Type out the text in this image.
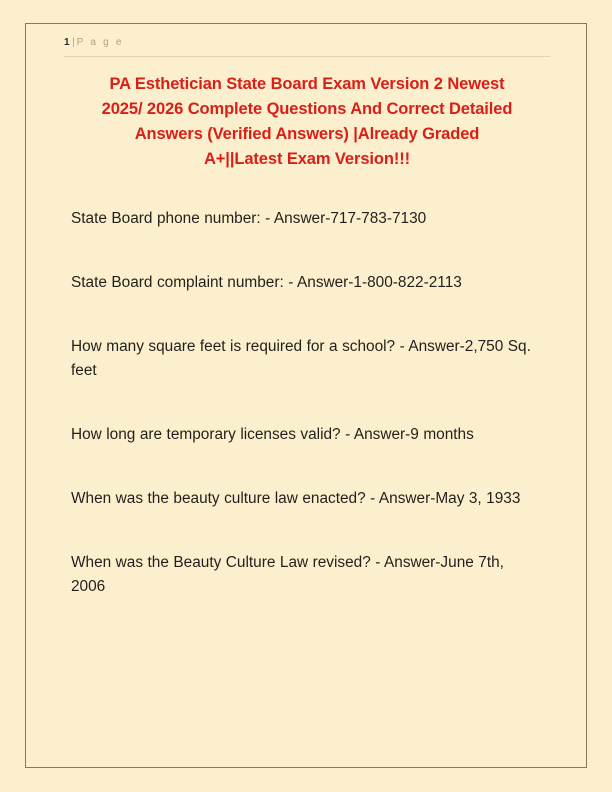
1 | P a g e
PA Esthetician State Board Exam Version 2 Newest
2025/ 2026 Complete Questions And Correct Detailed
Answers (Verified Answers) |Already Graded
A+||Latest Exam Version!!!

State Board phone number: - Answer-717-783-7130

State Board complaint number: - Answer-1-800-822-2113

How many square feet is required for a school? - Answer-2,750 Sq. feet

How long are temporary licenses valid? - Answer-9 months

When was the beauty culture law enacted? - Answer-May 3, 1933

When was the Beauty Culture Law revised? - Answer-June 7th, 2006
